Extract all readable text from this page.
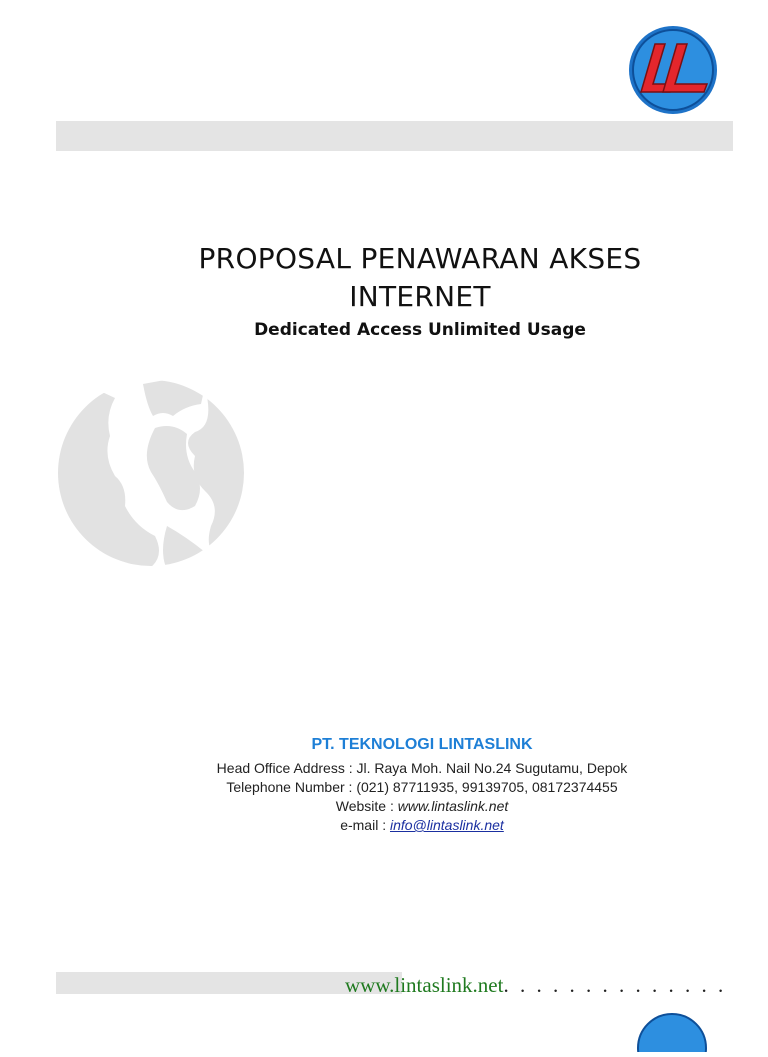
PROPOSAL PENAWARAN AKSES
INTERNET
Dedicated Access Unlimited Usage
PT. TEKNOLOGI LINTASLINK
Head Office Address : Jl. Raya Moh. Nail No.24 Sugutamu, Depok
Telephone Number : (021) 87711935, 99139705, 08172374455
Website : www.lintaslink.net
e-mail : info@lintaslink.net
www.lintaslink.net. . . . . . . . . . . . . .
